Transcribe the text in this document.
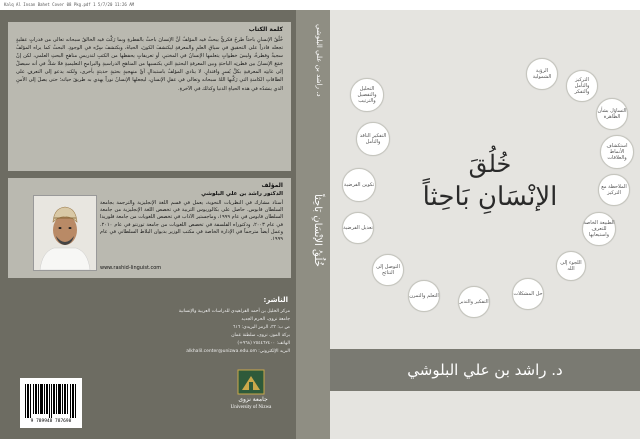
Kalq Al Insan Bahet Cover 08 Pkg.pdf 1 5/7/20 11:26 AM
كلمة الكتاب
خُلُقُ الإنسانِ باحثاً طرحٌ فكريٌّ يبحثُ فيه المؤلفُ أنَّ الإنسانَ باحثٌ بالفطرةِ وبما رَكَّبَ فيه الخالقُ سبحانه تعالى من قدراتٍ عقليةٍ تجعله قادراً على التحقيقِ في سياقِ العلمِ والمعرفةِ ليكتشفَ الكونَ، الحياةَ، ويكتشفَ سِرَّه في الوجودِ. البحثُ كما يراه المؤلفُ سجيةٌ وفطرةٌ، وليسَ خطواتٍ يتعلمها الإنسانُ في المختبرِ، أو تعريفاتٍ يحفظها من الكتبِ لتدريسِ مناهجِ البحثِ العلمي، لكن إنْ جَمَعَ الإنسانُ بين فطرتِه الباحثةِ وبين المعرفةِ البحثيةِ التي يكتسبها من المناهجِ الدراسيةِ والبرامجِ التعليميةِ فلا شكَّ في أنه سيصلُ إلى غايتِه المعرفيةِ بكلِّ يُسرٍ واقتدارٍ. لا ينادي المؤلفُ باستبدالِ أيِّ منهجيةٍ بحثيةٍ حديثةٍ بأخرى، ولكنه يدعو إلى التعرفِ على الطاقاتِ الكامنةِ التي رَكَّبها اللهُ سبحانه وتعالى في عقلِ الإنسانِ، ليجعلها الإنسانُ نوراً يهدي به طريقَ حياته؛ حتى يصلَ إلى الأمنِ الذي ينشدُه في هذه الحياةِ الدنيا وكذلك في الآخرةِ.
المؤلف
الدكتور راشد بن علي البلوشي
أستاذ مشارك في النظريات النحوية، يعمل في قسم اللغة الإنجليزية والترجمة بجامعة السلطان قابوس. حاصل على بكالوريوس التربية في تخصص اللغة الإنجليزية من جامعة السلطان قابوس في عام ١٩٩٩، وماجستير الآداب في تخصص اللغويات من جامعة فلوريدا في عام ٢٠٠٣، ودكتوراه الفلسفة في تخصص اللغويات من جامعة تورنتو في عام ٢٠١٠. وعمل أيضاً مترجماً في الإدارة الخاصة في مكتب الوزير بديوان البلاط السلطاني في عام ١٩٩٩.
www.rashid-linguist.com
الناشر:
مركز الخليل بن أحمد الفراهيدي للدراسات العربية والإنسانية
جامعة نزوى، الحرم الجديد
ص ب: ٣٣، الرمز البريدي: ٦١٦
بركة الموز، نزوى، سلطنة عمان
الهاتف: ٢٥٤٤٦٢٤٠٠ (٩٦٨+)
البريد الإلكتروني: alkhalil.center@unizwa.edu.om
9 789948 787698
جامعة نزوى
University of Nizwa
خُلُقُ الإنْسَانِ بَاحِثاً
د. راشد بن علي البلوشي	الرؤية الشمولية	التركيز والتأمل والتفكر
التساؤل بشأن الظاهرة
استكشاف الأنماط والعلاقات
الملاحظة مع التركيز
الطبيعة الخاصة للتعرف واستيعابها
اللجوء إلى الله
حل المشكلات
التفكير والتدبر
التعلم والتمرن
التوصل إلى النتائج
تعديل الفرضية
تكوين الفرضية
التفكير الناقد والتأمل
التحليل والتفصيل والترتيب
خُلُقَ
الإنْسَانِ بَاحِثاً
د. راشد بن علي البلوشي
